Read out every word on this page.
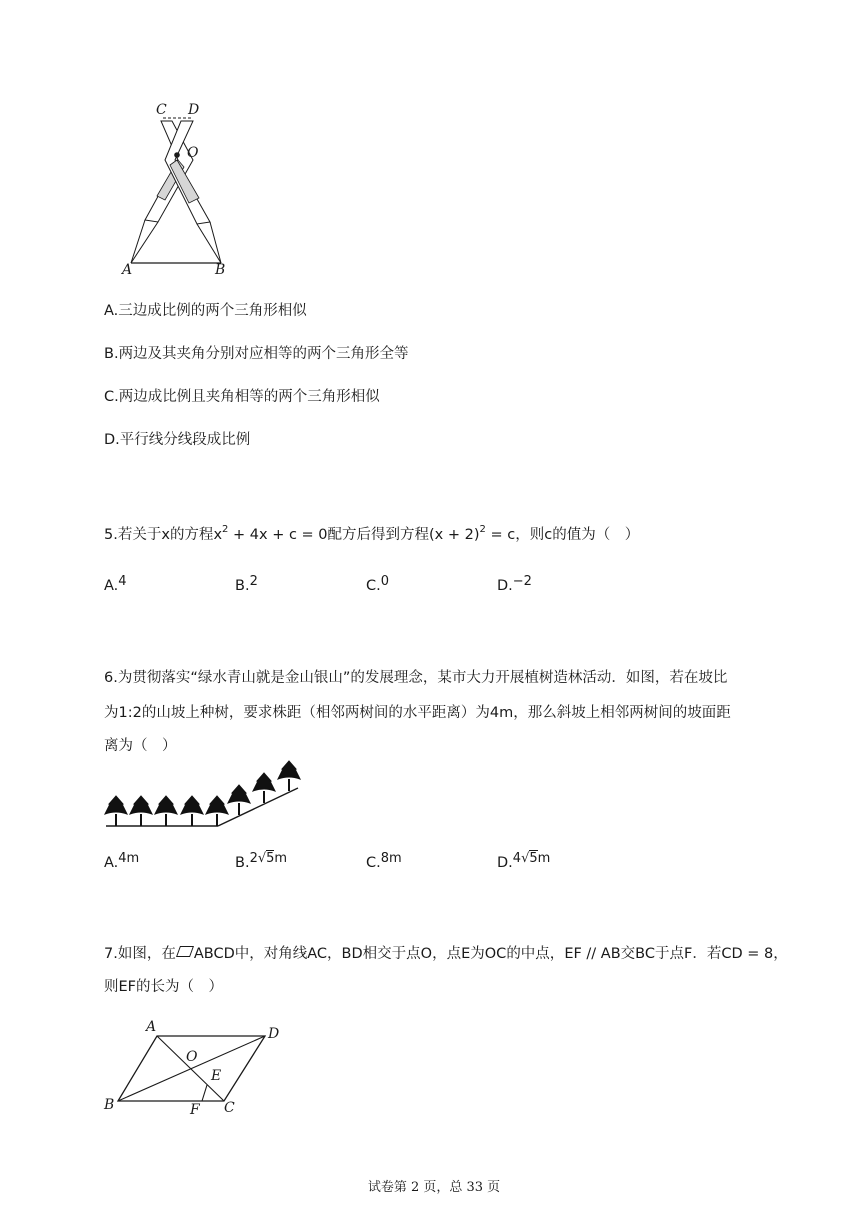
C D
O
A	B
A.三边成比例的两个三角形相似
B.两边及其夹角分别对应相等的两个三角形全等
C.两边成比例且夹角相等的两个三角形相似
D.平行线分线段成比例
5.若关于x的方程$x^2 + 4x + c = 0$配方后得到方程$(x + 2)^2 = c$，则c的值为（　）
A.4	B.2	C.0	D.−2
6.为贯彻落实“绿水青山就是金山银山”的发展理念，某市大力开展植树造林活动．如图，若在坡比
为1:2的山坡上种树，要求株距（相邻两树间的水平距离）为4m，那么斜坡上相邻两树间的坡面距
离为（　）
A.4m	B.2√5m	C.8m	D.4√5m
7.如图，在 ABCD中，对角线AC，BD相交于点O，点E为OC的中点，EF // AB交BC于点F．若CD = 8，
则EF的长为（　）
A	D
O
E
B	F C
试卷第 2 页，总 33 页
